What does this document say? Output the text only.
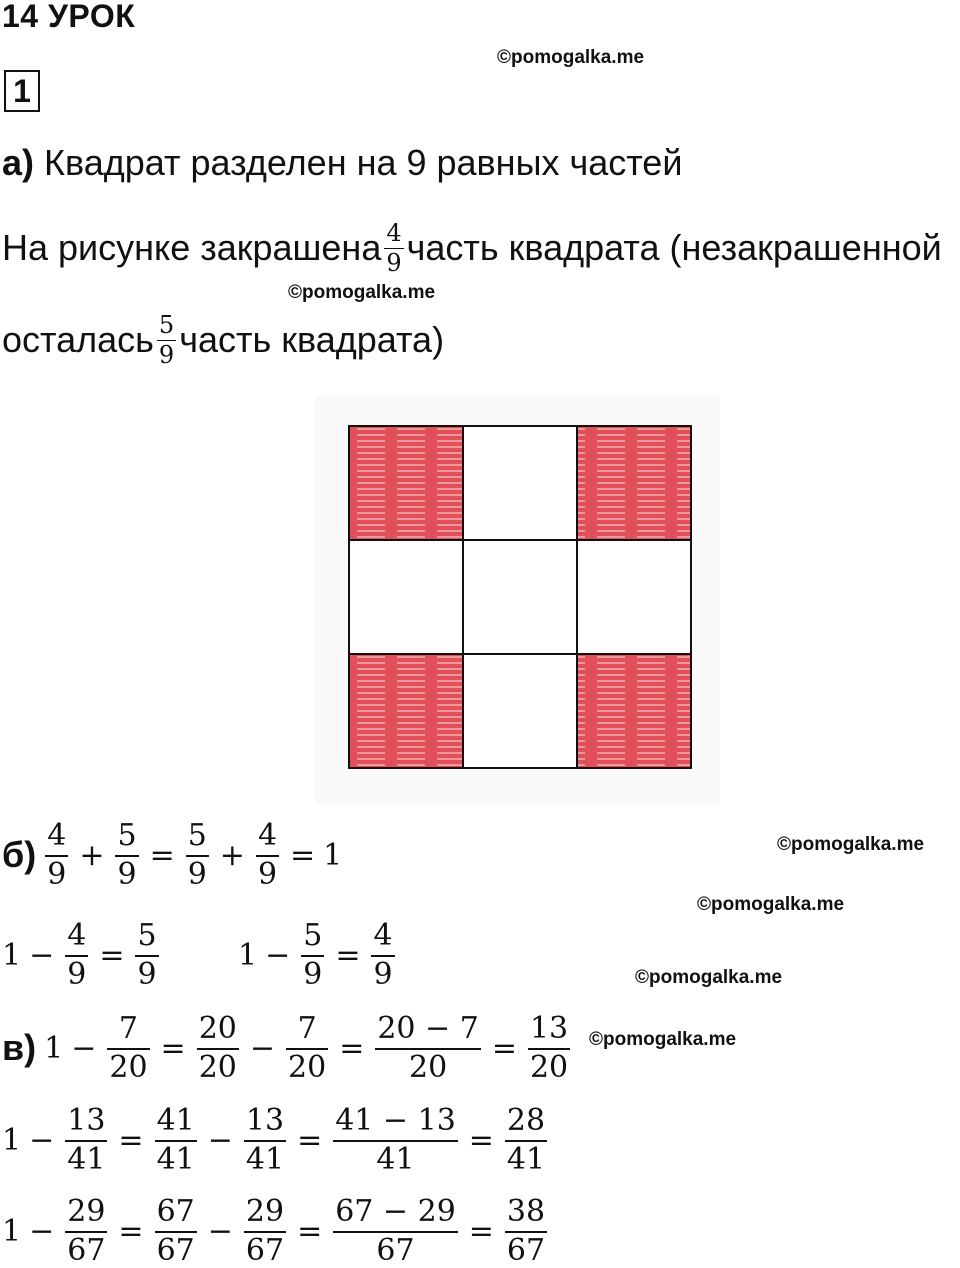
14 УРОК
1
©pomogalka.me
©pomogalka.me
©pomogalka.me
©pomogalka.me
©pomogalka.me
©pomogalka.me
а) Квадрат разделен на 9 равных частей
На рисунке закрашена $\frac{4}{9}$ часть квадрата (незакрашенной
осталась $\frac{5}{9}$ часть квадрата)
$б) \frac{4}{9} + \frac{5}{9} = \frac{5}{9} + \frac{4}{9} = 1$
$1 - \frac{4}{9} = \frac{5}{9}$	$1 - \frac{5}{9} = \frac{4}{9}$
в) $1 - \frac{7}{20} = \frac{20}{20} - \frac{7}{20} = \frac{20 - 7}{20} = \frac{13}{20}$
$1 - \frac{13}{41} = \frac{41}{41} - \frac{13}{41} = \frac{41 - 13}{41} = \frac{28}{41}$
$1 - \frac{29}{67} = \frac{67}{67} - \frac{29}{67} = \frac{67 - 29}{67} = \frac{38}{67}$
